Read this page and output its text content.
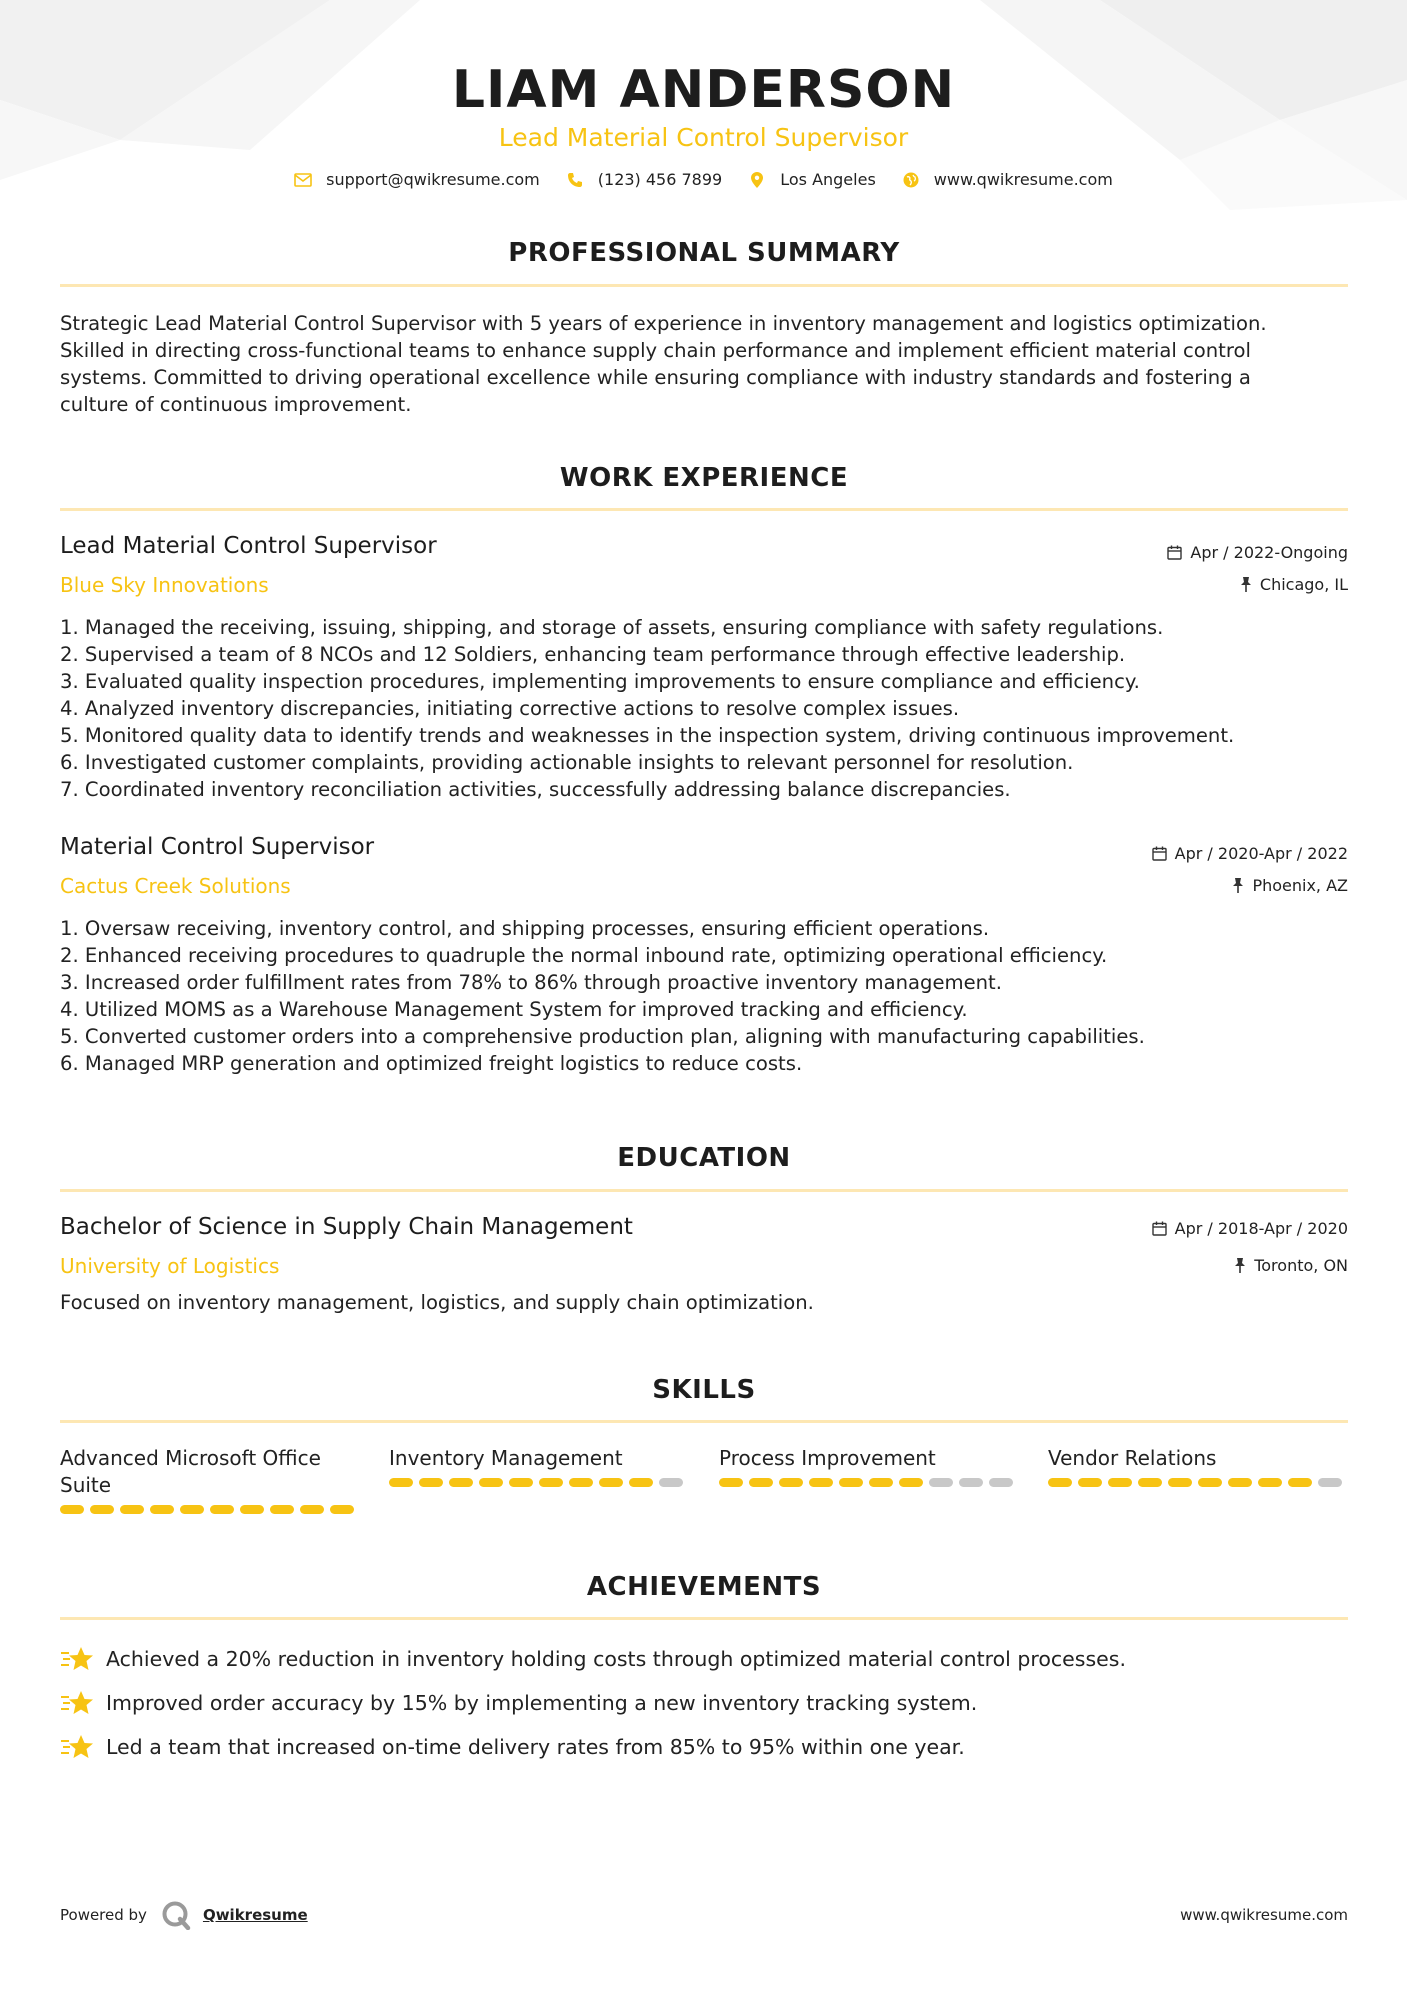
LIAM ANDERSON
Lead Material Control Supervisor
support@qwikresume.com	(123) 456 7899	Los Angeles	www.qwikresume.com
PROFESSIONAL SUMMARY
Strategic Lead Material Control Supervisor with 5 years of experience in inventory management and logistics optimization.
Skilled in directing cross-functional teams to enhance supply chain performance and implement efficient material control
systems. Committed to driving operational excellence while ensuring compliance with industry standards and fostering a
culture of continuous improvement.
WORK EXPERIENCE
Lead Material Control Supervisor
Blue Sky Innovations
Apr / 2022-Ongoing
Chicago, IL
1. Managed the receiving, issuing, shipping, and storage of assets, ensuring compliance with safety regulations.
2. Supervised a team of 8 NCOs and 12 Soldiers, enhancing team performance through effective leadership.
3. Evaluated quality inspection procedures, implementing improvements to ensure compliance and efficiency.
4. Analyzed inventory discrepancies, initiating corrective actions to resolve complex issues.
5. Monitored quality data to identify trends and weaknesses in the inspection system, driving continuous improvement.
6. Investigated customer complaints, providing actionable insights to relevant personnel for resolution.
7. Coordinated inventory reconciliation activities, successfully addressing balance discrepancies.
Material Control Supervisor
Cactus Creek Solutions
Apr / 2020-Apr / 2022
Phoenix, AZ
1. Oversaw receiving, inventory control, and shipping processes, ensuring efficient operations.
2. Enhanced receiving procedures to quadruple the normal inbound rate, optimizing operational efficiency.
3. Increased order fulfillment rates from 78% to 86% through proactive inventory management.
4. Utilized MOMS as a Warehouse Management System for improved tracking and efficiency.
5. Converted customer orders into a comprehensive production plan, aligning with manufacturing capabilities.
6. Managed MRP generation and optimized freight logistics to reduce costs.
EDUCATION
Bachelor of Science in Supply Chain Management
University of Logistics
Apr / 2018-Apr / 2020
Toronto, ON
Focused on inventory management, logistics, and supply chain optimization.
SKILLS
Advanced Microsoft Office
Suite
Inventory Management	Process Improvement	Vendor Relations
ACHIEVEMENTS
Achieved a 20% reduction in inventory holding costs through optimized material control processes.
Improved order accuracy by 15% by implementing a new inventory tracking system.
Led a team that increased on-time delivery rates from 85% to 95% within one year.
Powered by	Qwikresume	www.qwikresume.com
